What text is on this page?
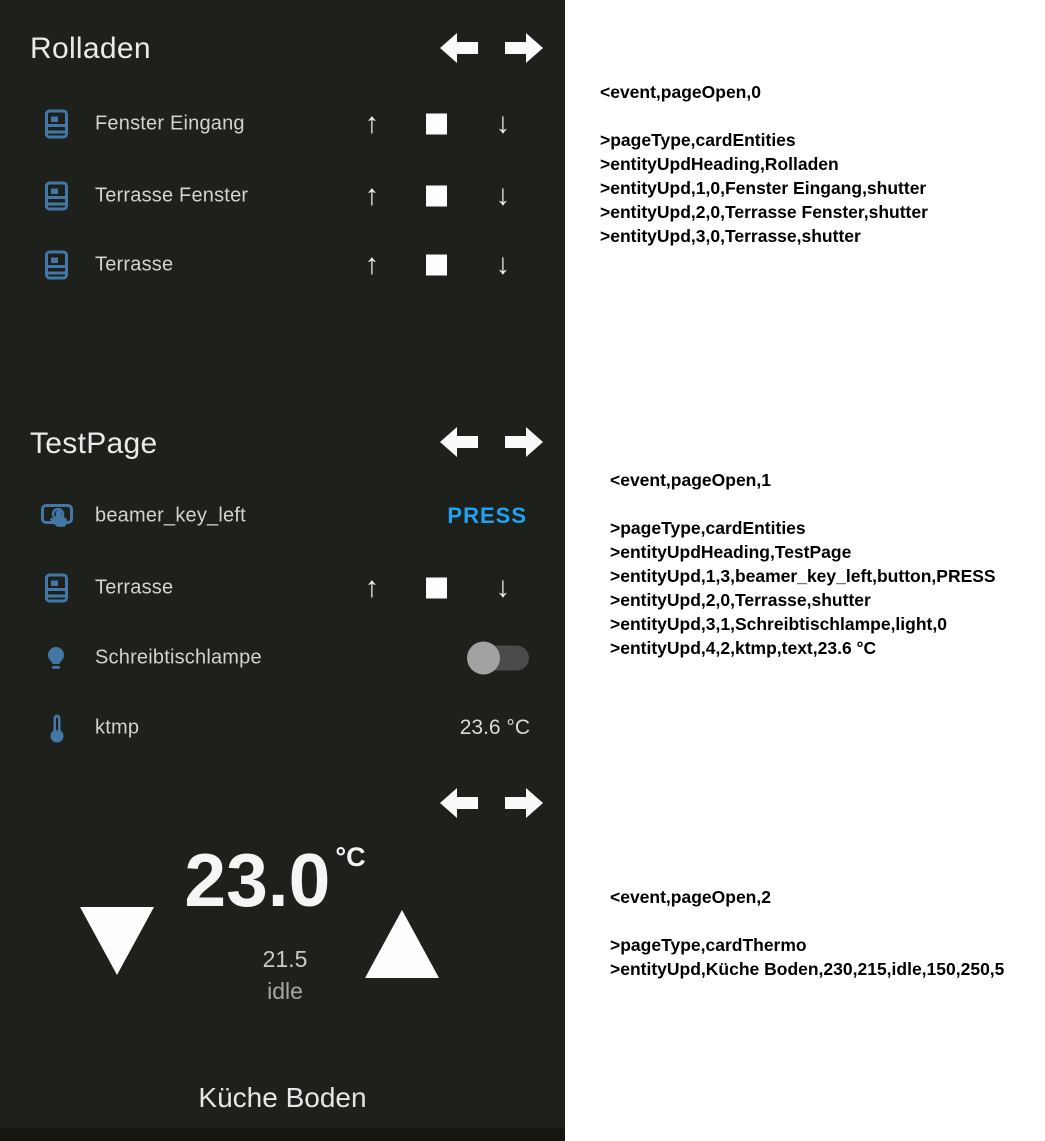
Rolladen
Fenster Eingang	↑	↓
Terrasse Fenster	↑	↓
Terrasse	↑	↓
TestPage
beamer_key_left	PRESS
Terrasse	↑	↓
Schreibtischlampe
ktmp	23.6 °C
23.0 $^{^\circ C}$
21.5
idle
Küche Boden
<event,pageOpen,0
>pageType,cardEntities
>entityUpdHeading,Rolladen
>entityUpd,1,0,Fenster Eingang,shutter
>entityUpd,2,0,Terrasse Fenster,shutter
>entityUpd,3,0,Terrasse,shutter
<event,pageOpen,1
>pageType,cardEntities
>entityUpdHeading,TestPage
>entityUpd,1,3,beamer_key_left,button,PRESS
>entityUpd,2,0,Terrasse,shutter
>entityUpd,3,1,Schreibtischlampe,light,0
>entityUpd,4,2,ktmp,text,23.6 °C
<event,pageOpen,2
>pageType,cardThermo
>entityUpd,Küche Boden,230,215,idle,150,250,5
